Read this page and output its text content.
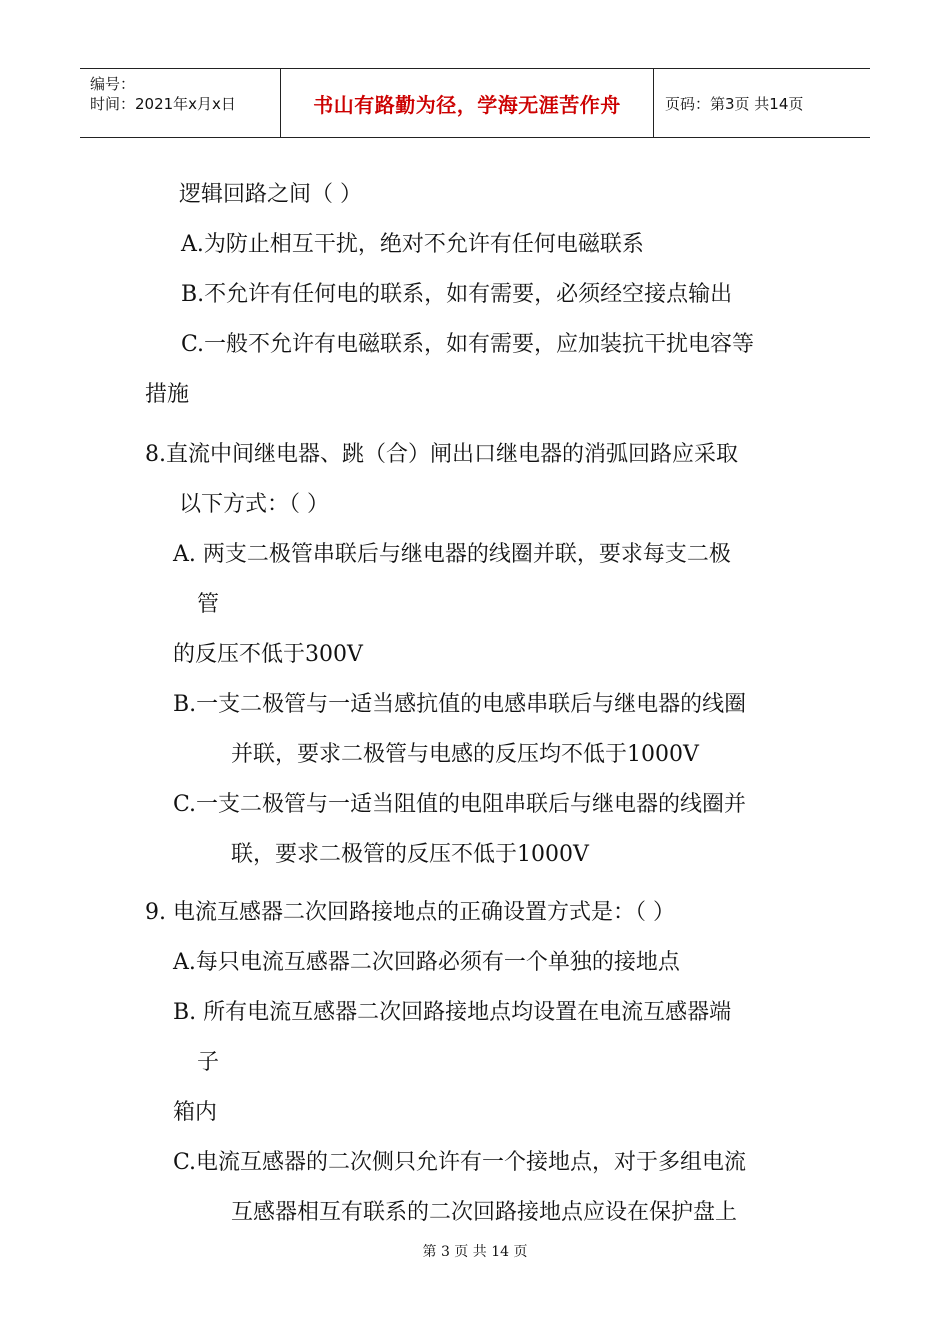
编号：
时间：2021年x月x日	书山有路勤为径，学海无涯苦作舟	页码：第3页 共14页
逻辑回路之间（ ）
A.为防止相互干扰，绝对不允许有任何电磁联系
B.不允许有任何电的联系，如有需要，必须经空接点输出
C.一般不允许有电磁联系，如有需要，应加装抗干扰电容等
措施
8.直流中间继电器、跳（合）闸出口继电器的消弧回路应采取
以下方式：（ ）
A. 两支二极管串联后与继电器的线圈并联，要求每支二极
管
的反压不低于300V
B.一支二极管与一适当感抗值的电感串联后与继电器的线圈
并联，要求二极管与电感的反压均不低于1000V
C.一支二极管与一适当阻值的电阻串联后与继电器的线圈并
联，要求二极管的反压不低于1000V
9. 电流互感器二次回路接地点的正确设置方式是：（ ）
A.每只电流互感器二次回路必须有一个单独的接地点
B. 所有电流互感器二次回路接地点均设置在电流互感器端
子
箱内
C.电流互感器的二次侧只允许有一个接地点，对于多组电流
互感器相互有联系的二次回路接地点应设在保护盘上
第 3 页 共 14 页
